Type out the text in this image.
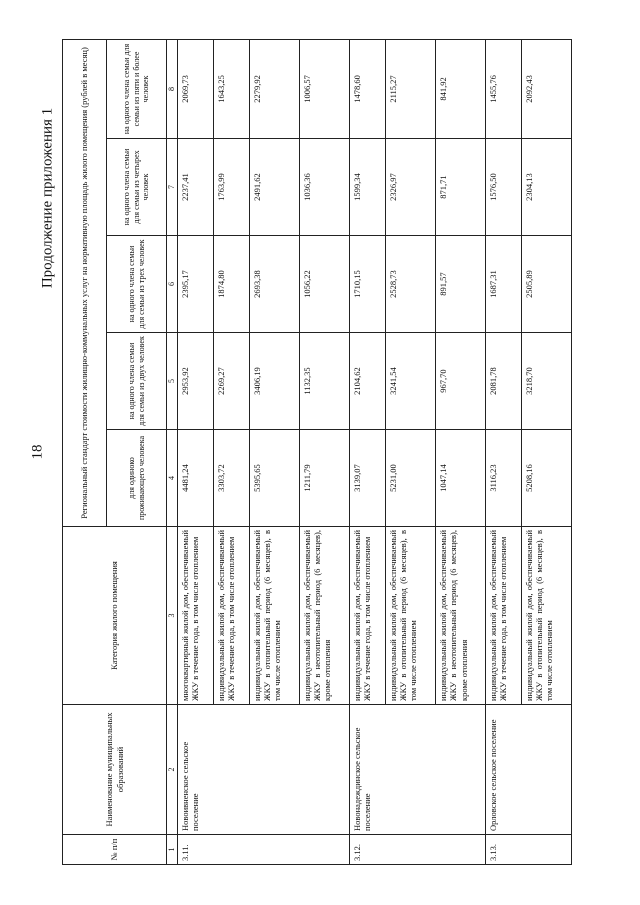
18
Продолжение приложения 1
№ п/п	Наименование муниципальных образований	Категория жилого помещения	Региональный стандарт стоимости жилищно-коммунальных услуг на нормативную площадь жилого помещения (рублей в месяц)				
			для одиноко проживающего человека	на одного члена семьи для семьи из двух человек	на одного члена семьи для семьи из трех человек	на одного члена семьи для семьи из четырех человек	на одного члена семьи для семьи из пяти и более человек
1	2	3	4	5	6	7	8
3.11.	Новоивненское сельское поселение	многоквартирный жилой дом, обеспечиваемый ЖКУ в течение года, в том числе отоплением	4481,24	2953,92	2395,17	2237,41	2069,73
		индивидуальный жилой дом, обеспечиваемый ЖКУ в течение года, в том числе отоплением	3303,72	2269,27	1874,80	1763,99	1643,25
		индивидуальный жилой дом, обеспечиваемый ЖКУ в отопительный период (6 месяцев), в том числе отоплением	5395,65	3406,19	2693,38	2491,62	2279,92
		индивидуальный жилой дом, обеспечиваемый ЖКУ в неотопительный период (6 месяцев), кроме отопления	1211,79	1132,35	1056,22	1036,36	1006,57
3.12.	Новонадеждинское сельское поселение	индивидуальный жилой дом, обеспечиваемый ЖКУ в течение года, в том числе отоплением	3139,07	2104,62	1710,15	1599,34	1478,60
		индивидуальный жилой дом, обеспечиваемый ЖКУ в отопительный период (6 месяцев), в том числе отоплением	5231,00	3241,54	2528,73	2326,97	2115,27
		индивидуальный жилой дом, обеспечиваемый ЖКУ в неотопительный период (6 месяцев), кроме отопления	1047,14	967,70	891,57	871,71	841,92
3.13.	Орловское сельское поселение	индивидуальный жилой дом, обеспечиваемый ЖКУ в течение года, в том числе отоплением	3116,23	2081,78	1687,31	1576,50	1455,76
		индивидуальный жилой дом, обеспечиваемый ЖКУ в отопительный период (6 месяцев), в том числе отоплением	5208,16	3218,70	2505,89	2304,13	2092,43
